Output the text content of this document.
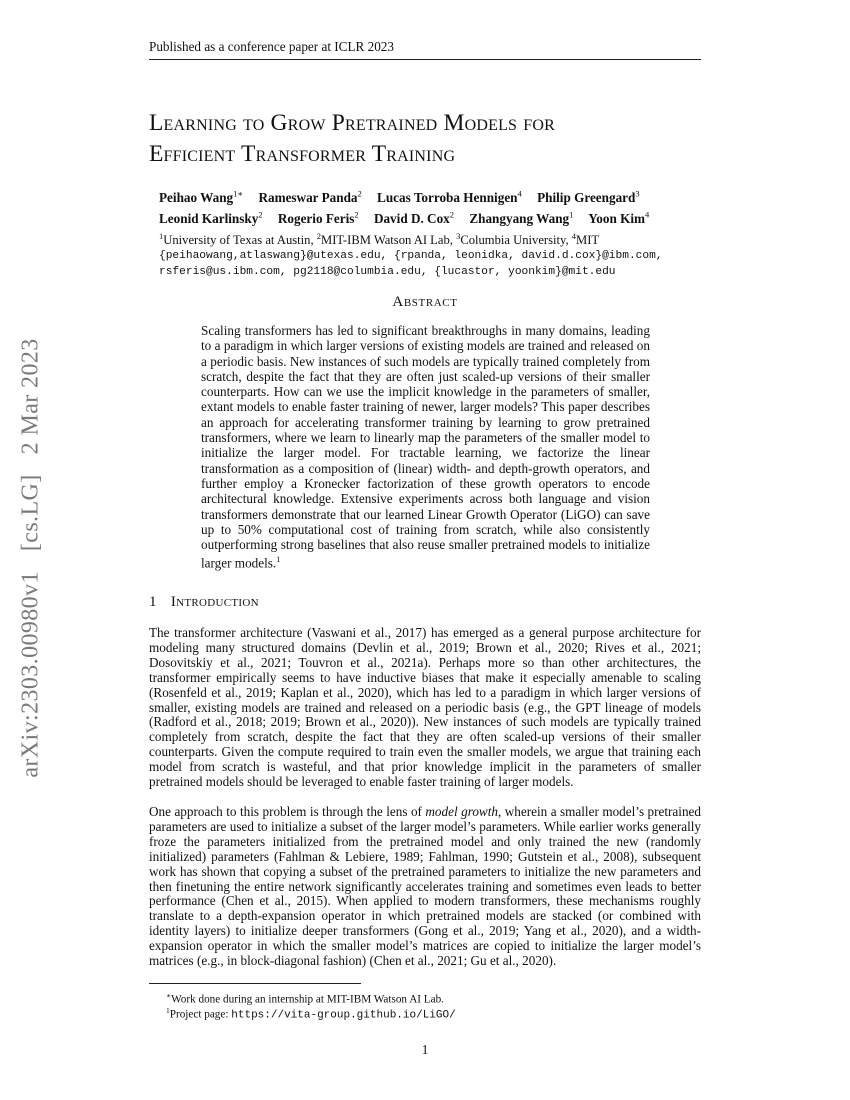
Published as a conference paper at ICLR 2023
arXiv:2303.00980v1[cs.LG]2 Mar 2023
Learning to Grow Pretrained Models for
Efficient Transformer Training
Peihao Wang$^{1∗}$ Rameswar Panda$^2$ Lucas Torroba Hennigen$^4$ Philip Greengard$^3$
Leonid Karlinsky$^2$ Rogerio Feris$^2$ David D. Cox$^2$ Zhangyang Wang$^1$ Yoon Kim$^4$
$^1$University of Texas at Austin, $^2$MIT-IBM Watson AI Lab, $^3$Columbia University, $^4$MIT
{peihaowang,atlaswang}@utexas.edu, {rpanda, leonidka, david.d.cox}@ibm.com,
rsferis@us.ibm.com, pg2118@columbia.edu, {lucastor, yoonkim}@mit.edu
Abstract
Scaling transformers has led to significant breakthroughs in many domains, leading to a paradigm in which larger versions of existing models are trained and released on a periodic basis. New instances of such models are typically trained completely from scratch, despite the fact that they are often just scaled-up versions of their smaller counterparts. How can we use the implicit knowledge in the parameters of smaller, extant models to enable faster training of newer, larger models? This paper describes an approach for accelerating transformer training by learning to grow pretrained transformers, where we learn to linearly map the parameters of the smaller model to initialize the larger model. For tractable learning, we factorize the linear transformation as a composition of (linear) width- and depth-growth operators, and further employ a Kronecker factorization of these growth operators to encode architectural knowledge. Extensive experiments across both language and vision transformers demonstrate that our learned Linear Growth Operator (LiGO) can save up to 50% computational cost of training from scratch, while also consistently outperforming strong baselines that also reuse smaller pretrained models to initialize larger models.$^1$
1 Introduction
The transformer architecture (Vaswani et al., 2017) has emerged as a general purpose architecture for modeling many structured domains (Devlin et al., 2019; Brown et al., 2020; Rives et al., 2021; Dosovitskiy et al., 2021; Touvron et al., 2021a). Perhaps more so than other architectures, the transformer empirically seems to have inductive biases that make it especially amenable to scaling (Rosenfeld et al., 2019; Kaplan et al., 2020), which has led to a paradigm in which larger versions of smaller, existing models are trained and released on a periodic basis (e.g., the GPT lineage of models (Radford et al., 2018; 2019; Brown et al., 2020)). New instances of such models are typically trained completely from scratch, despite the fact that they are often scaled-up versions of their smaller counterparts. Given the compute required to train even the smaller models, we argue that training each model from scratch is wasteful, and that prior knowledge implicit in the parameters of smaller pretrained models should be leveraged to enable faster training of larger models.
One approach to this problem is through the lens of model growth, wherein a smaller model’s pretrained parameters are used to initialize a subset of the larger model’s parameters. While earlier works generally froze the parameters initialized from the pretrained model and only trained the new (randomly initialized) parameters (Fahlman & Lebiere, 1989; Fahlman, 1990; Gutstein et al., 2008), subsequent work has shown that copying a subset of the pretrained parameters to initialize the new parameters and then finetuning the entire network significantly accelerates training and sometimes even leads to better performance (Chen et al., 2015). When applied to modern transformers, these mechanisms roughly translate to a depth-expansion operator in which pretrained models are stacked (or combined with identity layers) to initialize deeper transformers (Gong et al., 2019; Yang et al., 2020), and a width-expansion operator in which the smaller model’s matrices are copied to initialize the larger model’s matrices (e.g., in block-diagonal fashion) (Chen et al., 2021; Gu et al., 2020).
∗Work done during an internship at MIT-IBM Watson AI Lab.
$^1$Project page: https://vita-group.github.io/LiGO/
1
